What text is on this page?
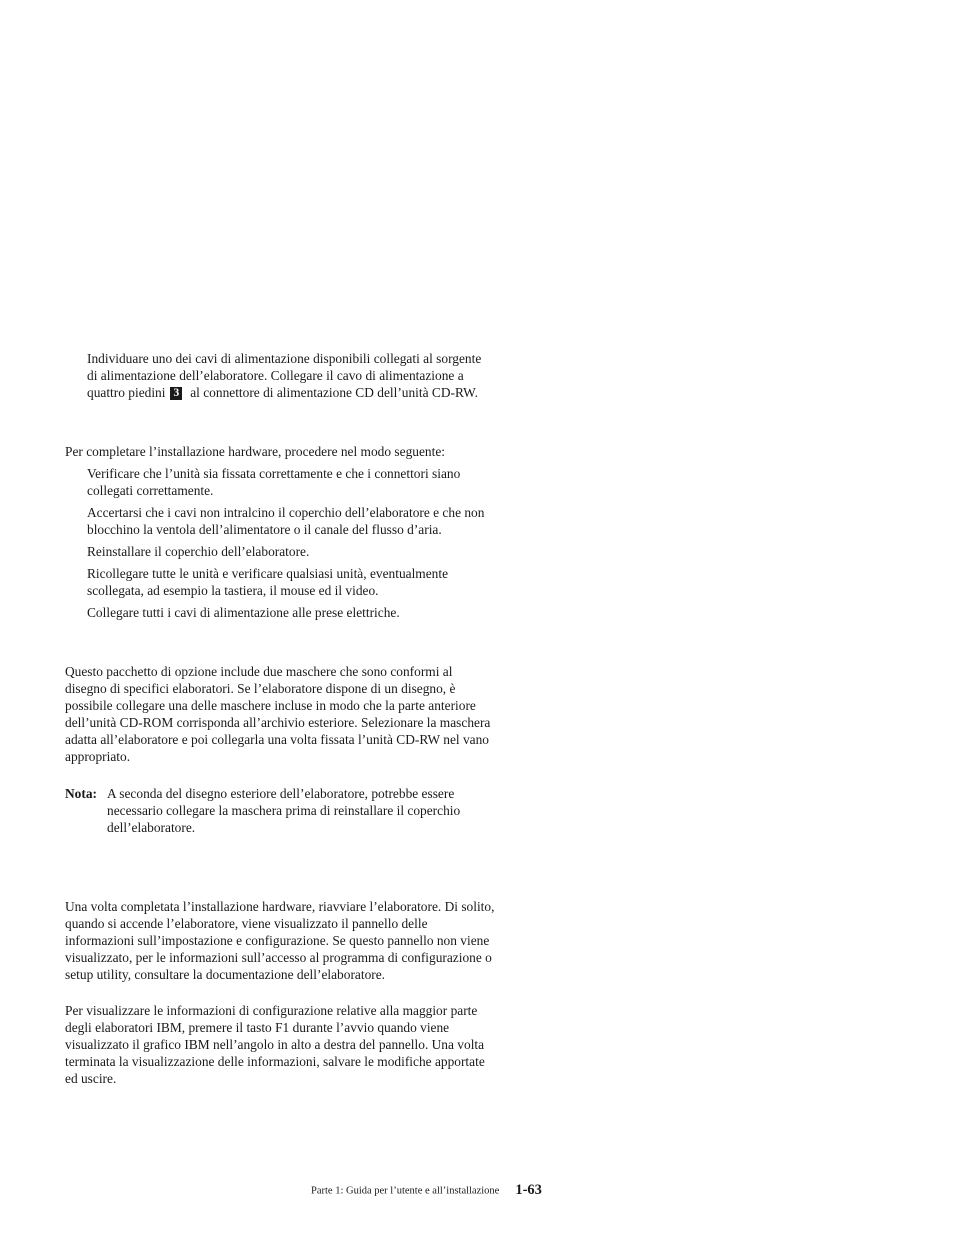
Individuare uno dei cavi di alimentazione disponibili collegati al sorgente
di alimentazione dell’elaboratore. Collegare il cavo di alimentazione a
quattro piedini 3 al connettore di alimentazione CD dell’unità CD-RW.

Per completare l’installazione hardware, procedere nel modo seguente:

Verificare che l’unità sia fissata correttamente e che i connettori siano
collegati correttamente.
Accertarsi che i cavi non intralcino il coperchio dell’elaboratore e che non
blocchino la ventola dell’alimentatore o il canale del flusso d’aria.
Reinstallare il coperchio dell’elaboratore.
Ricollegare tutte le unità e verificare qualsiasi unità, eventualmente
scollegata, ad esempio la tastiera, il mouse ed il video.
Collegare tutti i cavi di alimentazione alle prese elettriche.

Questo pacchetto di opzione include due maschere che sono conformi al
disegno di specifici elaboratori. Se l’elaboratore dispone di un disegno, è
possibile collegare una delle maschere incluse in modo che la parte anteriore
dell’unità CD-ROM corrisponda all’archivio esteriore. Selezionare la maschera
adatta all’elaboratore e poi collegarla una volta fissata l’unità CD-RW nel vano
appropriato.

Nota: A seconda del disegno esteriore dell’elaboratore, potrebbe essere
necessario collegare la maschera prima di reinstallare il coperchio
dell’elaboratore.

Una volta completata l’installazione hardware, riavviare l’elaboratore. Di solito,
quando si accende l’elaboratore, viene visualizzato il pannello delle
informazioni sull’impostazione e configurazione. Se questo pannello non viene
visualizzato, per le informazioni sull’accesso al programma di configurazione o
setup utility, consultare la documentazione dell’elaboratore.

Per visualizzare le informazioni di configurazione relative alla maggior parte
degli elaboratori IBM, premere il tasto F1 durante l’avvio quando viene
visualizzato il grafico IBM nell’angolo in alto a destra del pannello. Una volta
terminata la visualizzazione delle informazioni, salvare le modifiche apportate
ed uscire.

Parte 1: Guida per l’utente e all’installazione 1-63
